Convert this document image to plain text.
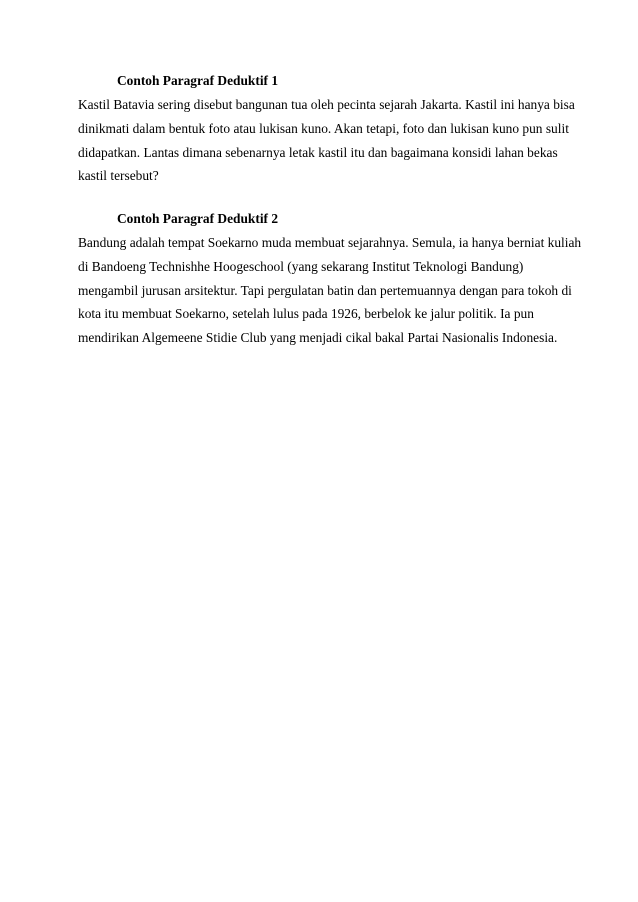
Contoh Paragraf Deduktif 1
Kastil Batavia sering disebut bangunan tua oleh pecinta sejarah Jakarta. Kastil ini hanya bisa
dinikmati dalam bentuk foto atau lukisan kuno. Akan tetapi, foto dan lukisan kuno pun sulit
didapatkan. Lantas dimana sebenarnya letak kastil itu dan bagaimana konsidi lahan bekas
kastil tersebut?
Contoh Paragraf Deduktif 2
Bandung adalah tempat Soekarno muda membuat sejarahnya. Semula, ia hanya berniat kuliah
di Bandoeng Technishhe Hoogeschool (yang sekarang Institut Teknologi Bandung)
mengambil jurusan arsitektur. Tapi pergulatan batin dan pertemuannya dengan para tokoh di
kota itu membuat Soekarno, setelah lulus pada 1926, berbelok ke jalur politik. Ia pun
mendirikan Algemeene Stidie Club yang menjadi cikal bakal Partai Nasionalis Indonesia.
